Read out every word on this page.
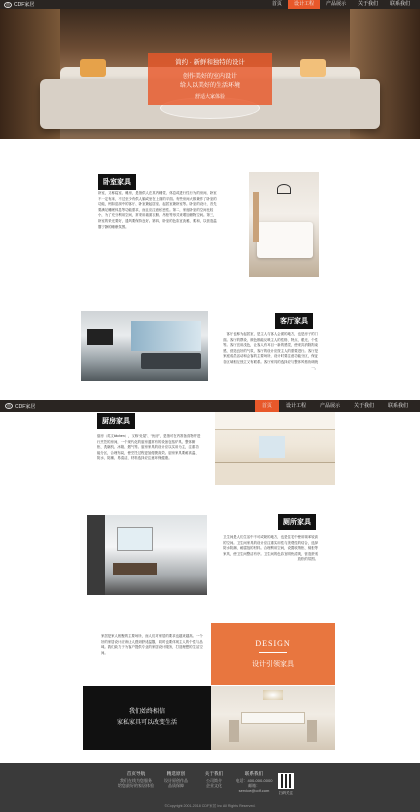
◎ CDF家居	首页	设计工程	产品展示	关于我们	联系我们
简约 · 新鲜和独特的设计
创作美好的室内设计
给人以美好的生活环境
舒适大家体验
卧室家具
卧室，又称寝室、睡房，是指供人在其内睡觉、休息或进行性行为的房间，卧室不一定有床，不过至少有供人躺或坐在上面的平面。有些房间大都兼作了卧室的功能，例如窑洞中的客厅、卧室兼起居室、起居室兼卧室等。卧室的设计，首先要满足睡眠休息等功能需求，而且应注意私密性。第二，家庭卧室的空间比较小，为了充分利用空间，常采用墙面衣橱、吊柜等形式来增加储物空间。第三，卧室的采光要好，通风要保持良好。第四，卧室的色彩宜淡雅、柔和，以营造温馨宁静的睡眠氛围。
客厅家具
客厅也称为起居室，是主人与客人会面的地方，也是房子的门面。客厅的摆设、颜色都能反映主人的性格、特点、眼光、个性等。客厅宜用浅色，让客人有耳目一新的感觉，使来宾消除拘束感，营造良好的气氛，客厅的设计应按主人的需要进行。客厅是家庭成员活动和会客的主要场所，设计时要注意功能分区，保证各区域相互独立又有联系。客厅家具的选择应与整体风格协调统一。
◎ CDF家居	首页	设计工程	产品展示	关于我们	联系我们
厨房家具
厨房（英文kitchen），又称“灶屋”、“伙房”，是指可在内准备食物并进行烹饪的房间，一个现代化的厨房通常有的设备包括炉具、整体橱柜、洗碗机、冰箱、燃气等。厨房家具的设计应以实用为主，注重功能分区，合理布局，使烹饪过程更加便捷高效。厨房家具要耐高温、防水、防潮、易清洁，材料选择应注意环保健康。
厕所家具
卫生间是人们生活中不可或缺的地方，也是住宅中使用频率较高的空间。卫生间家具的设计应注重实用性与美观性的结合，选择防水防潮、耐腐蚀的材料。合理利用空间，设置收纳柜、镜柜等家具，使卫生间整洁有序。卫生间的色彩宜明快清爽，营造舒适放松的氛围。
家居是家人相聚的主要场所，而人们对家居的要求也越来越高。一个好的家居设计应该让人感到舒适温馨，同时也要体现主人的个性与品味。我们致力于为客户提供专业的家居设计服务，打造理想的生活空间。
DESIGN
设计引领家具
我们始终相信
家私家具可以改变生活
首页导航
我们在线为您服务
给您最好的家居体验
精选原创
设计原创作品
品质保障
关于我们
公司简介
企业文化
联系我们
电话：400-000-0000
邮箱：service@cdf.com	扫码关注
©Copyright 2001-2018 CDF家居 Inc All Rights Reserved.
